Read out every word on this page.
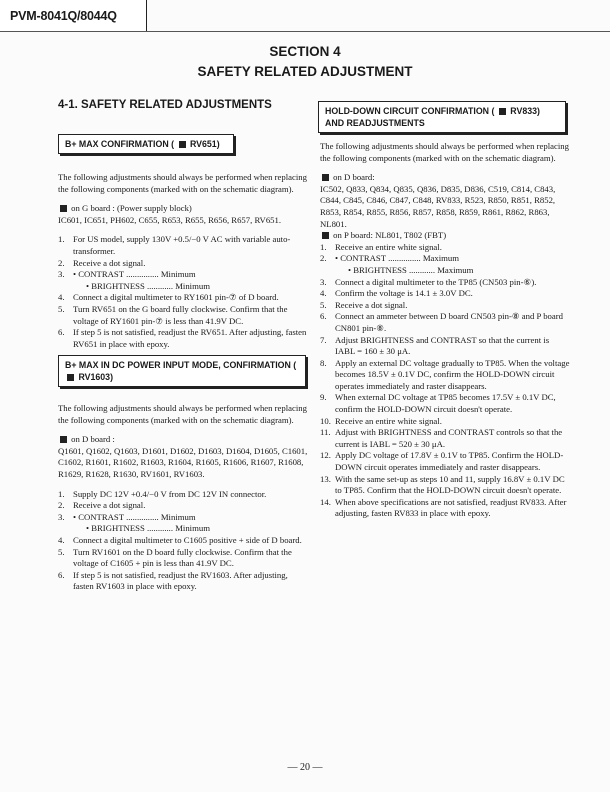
PVM-8041Q/8044Q
SECTION 4
SAFETY RELATED ADJUSTMENT
4-1. SAFETY RELATED ADJUSTMENTS
B+ MAX CONFIRMATION (  RV651)

The following adjustments should always be performed when replacing the following components (marked with on the schematic diagram).

on G board : (Power supply block)

IC601, IC651, PH602, C655, R653, R655, R656, R657, RV651.

1. For US model, supply 130V +0.5/−0 V AC with variable auto-transformer.
2. Receive a dot signal.
3. • CONTRAST ............... Minimum
• BRIGHTNESS ............ Minimum
4. Connect a digital multimeter to RY1601 pin-⑦ of D board.
5. Turn RV651 on the G board fully clockwise. Confirm that the voltage of RY1601 pin-⑦ is less than 41.9V DC.
6. If step 5 is not satisfied, readjust the RV651. After adjusting, fasten RV651 in place with epoxy.
B+ MAX IN DC POWER INPUT MODE, CONFIRMATION (  RV1603)

The following adjustments should always be performed when replacing the following components (marked with on the schematic diagram).

on D board :

Q1601, Q1602, Q1603, D1601, D1602, D1603, D1604, D1605, C1601, C1602, R1601, R1602, R1603, R1604, R1605, R1606, R1607, R1608, R1629, R1628, R1630, RV1601, RV1603.

1. Supply DC 12V +0.4/−0 V from DC 12V IN connector.
2. Receive a dot signal.
3. • CONTRAST ............... Minimum
• BRIGHTNESS ............ Minimum
4. Connect a digital multimeter to C1605 positive + side of D board.
5. Turn RV1601 on the D board fully clockwise. Confirm that the voltage of C1605 + pin is less than 41.9V DC.
6. If step 5 is not satisfied, readjust the RV1603. After adjusting, fasten RV1603 in place with epoxy.
HOLD-DOWN CIRCUIT CONFIRMATION (  RV833) AND READJUSTMENTS

The following adjustments should always be performed when replacing the following components (marked with on the schematic diagram).

on D board:

IC502, Q833, Q834, Q835, Q836, D835, D836, C519, C814, C843, C844, C845, C846, C847, C848, RV833, R523, R850, R851, R852, R853, R854, R855, R856, R857, R858, R859, R861, R862, R863, NL801.

on P board: NL801, T802 (FBT)

1. Receive an entire white signal.
2. • CONTRAST ............... Maximum
• BRIGHTNESS ............ Maximum
3. Connect a digital multimeter to the TP85 (CN503 pin-⑥).
4. Confirm the voltage is 14.1 ± 3.0V DC.
5. Receive a dot signal.
6. Connect an ammeter between D board CN503 pin-⑧ and P board CN801 pin-⑧.
7. Adjust BRIGHTNESS and CONTRAST so that the current is IABL = 160 ± 30 μA.
8. Apply an external DC voltage gradually to TP85. When the voltage becomes 18.5V ± 0.1V DC, confirm the HOLD-DOWN circuit operates immediately and raster disappears.
9. When external DC voltage at TP85 becomes 17.5V ± 0.1V DC, confirm the HOLD-DOWN circuit doesn't operate.
10. Receive an entire white signal.
11. Adjust with BRIGHTNESS and CONTRAST controls so that the current is IABL = 520 ± 30 μA.
12. Apply DC voltage of 17.8V ± 0.1V to TP85. Confirm the HOLD-DOWN circuit operates immediately and raster disappears.
13. With the same set-up as steps 10 and 11, supply 16.8V ± 0.1V DC to TP85. Confirm that the HOLD-DOWN circuit doesn't operate.
14. When above specifications are not satisfied, readjust RV833. After adjusting, fasten RV833 in place with epoxy.
— 20 —
